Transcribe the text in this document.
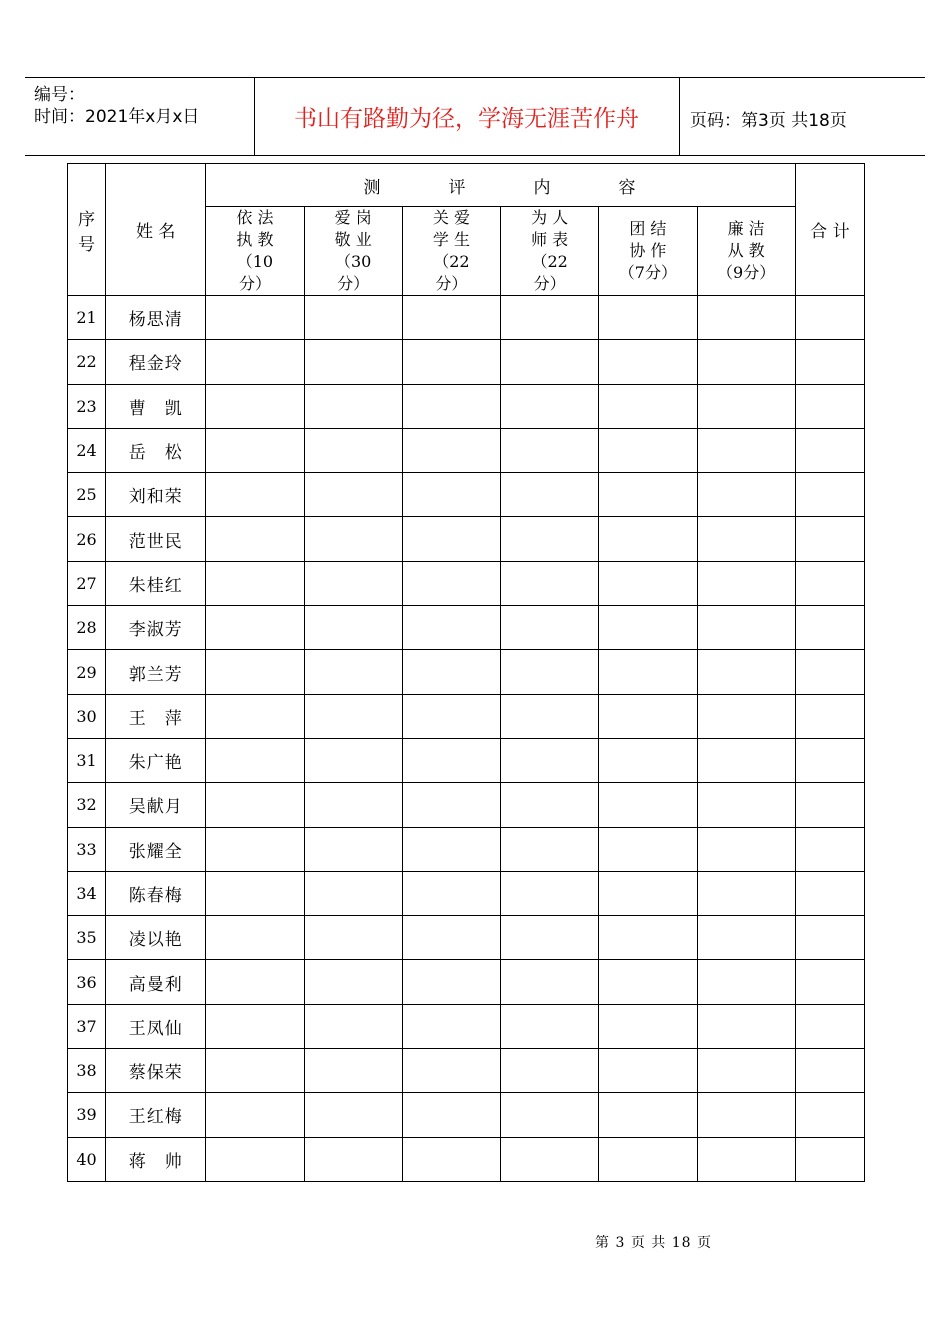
编号：
时间：2021年x月x日	书山有路勤为径，学海无涯苦作舟	页码：第3页 共18页
序
号	姓 名	测 评 内 容						合 计

		依 法
执 教
（10
分）	爱 岗
敬 业
（30
分）	关 爱
学 生
（22
分）	为 人
师 表
（22
分）	团 结
协 作
（7分）	廉 洁
从 教
（9分）	

21	杨思清							
22	程金玲							
23	曹　凯							
24	岳　松							
25	刘和荣							
26	范世民							
27	朱桂红							
28	李淑芳							
29	郭兰芳							
30	王　萍							
31	朱广艳							
32	吴献月							
33	张耀全							
34	陈春梅							
35	凌以艳							
36	高曼利							
37	王凤仙							
38	蔡保荣							
39	王红梅							
40	蒋　帅							
第 3 页 共 18 页
